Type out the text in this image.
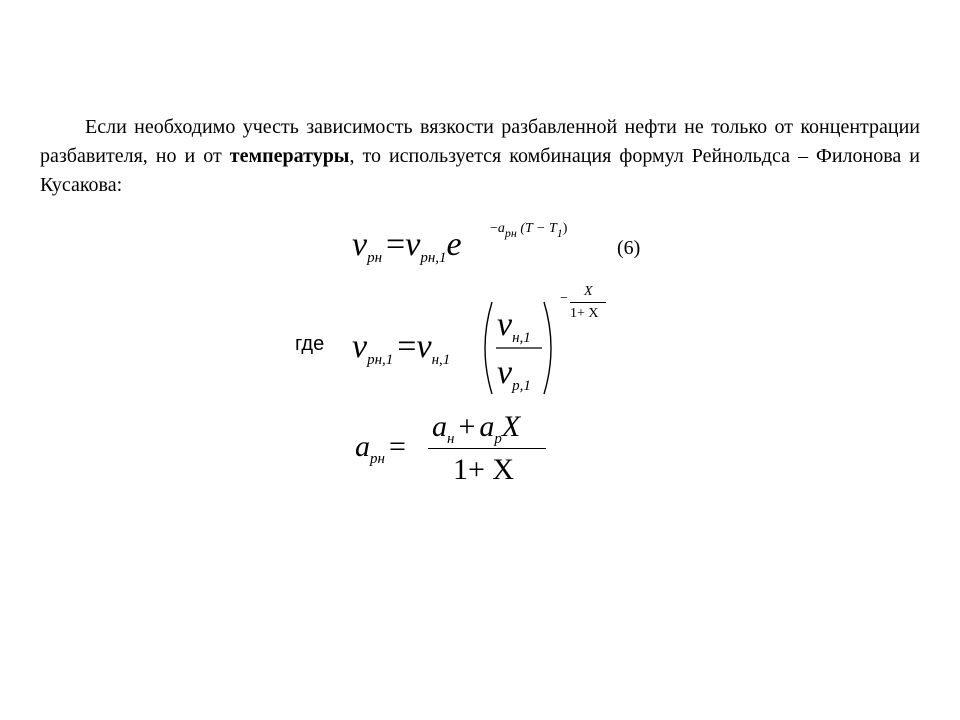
Если необходимо учесть зависимость вязкости разбавленной нефти не только от концентрации разбавителя, но и от температуры, то используется комбинация формул Рейнольдса – Филонова и Кусакова:

νрн =νрн,1e −aрн (T − T1)
(6)
где νрн,1 =νн,1
νн,1
νр,1
− X
1+ X
aрн =
aн + aрX
1+ X
